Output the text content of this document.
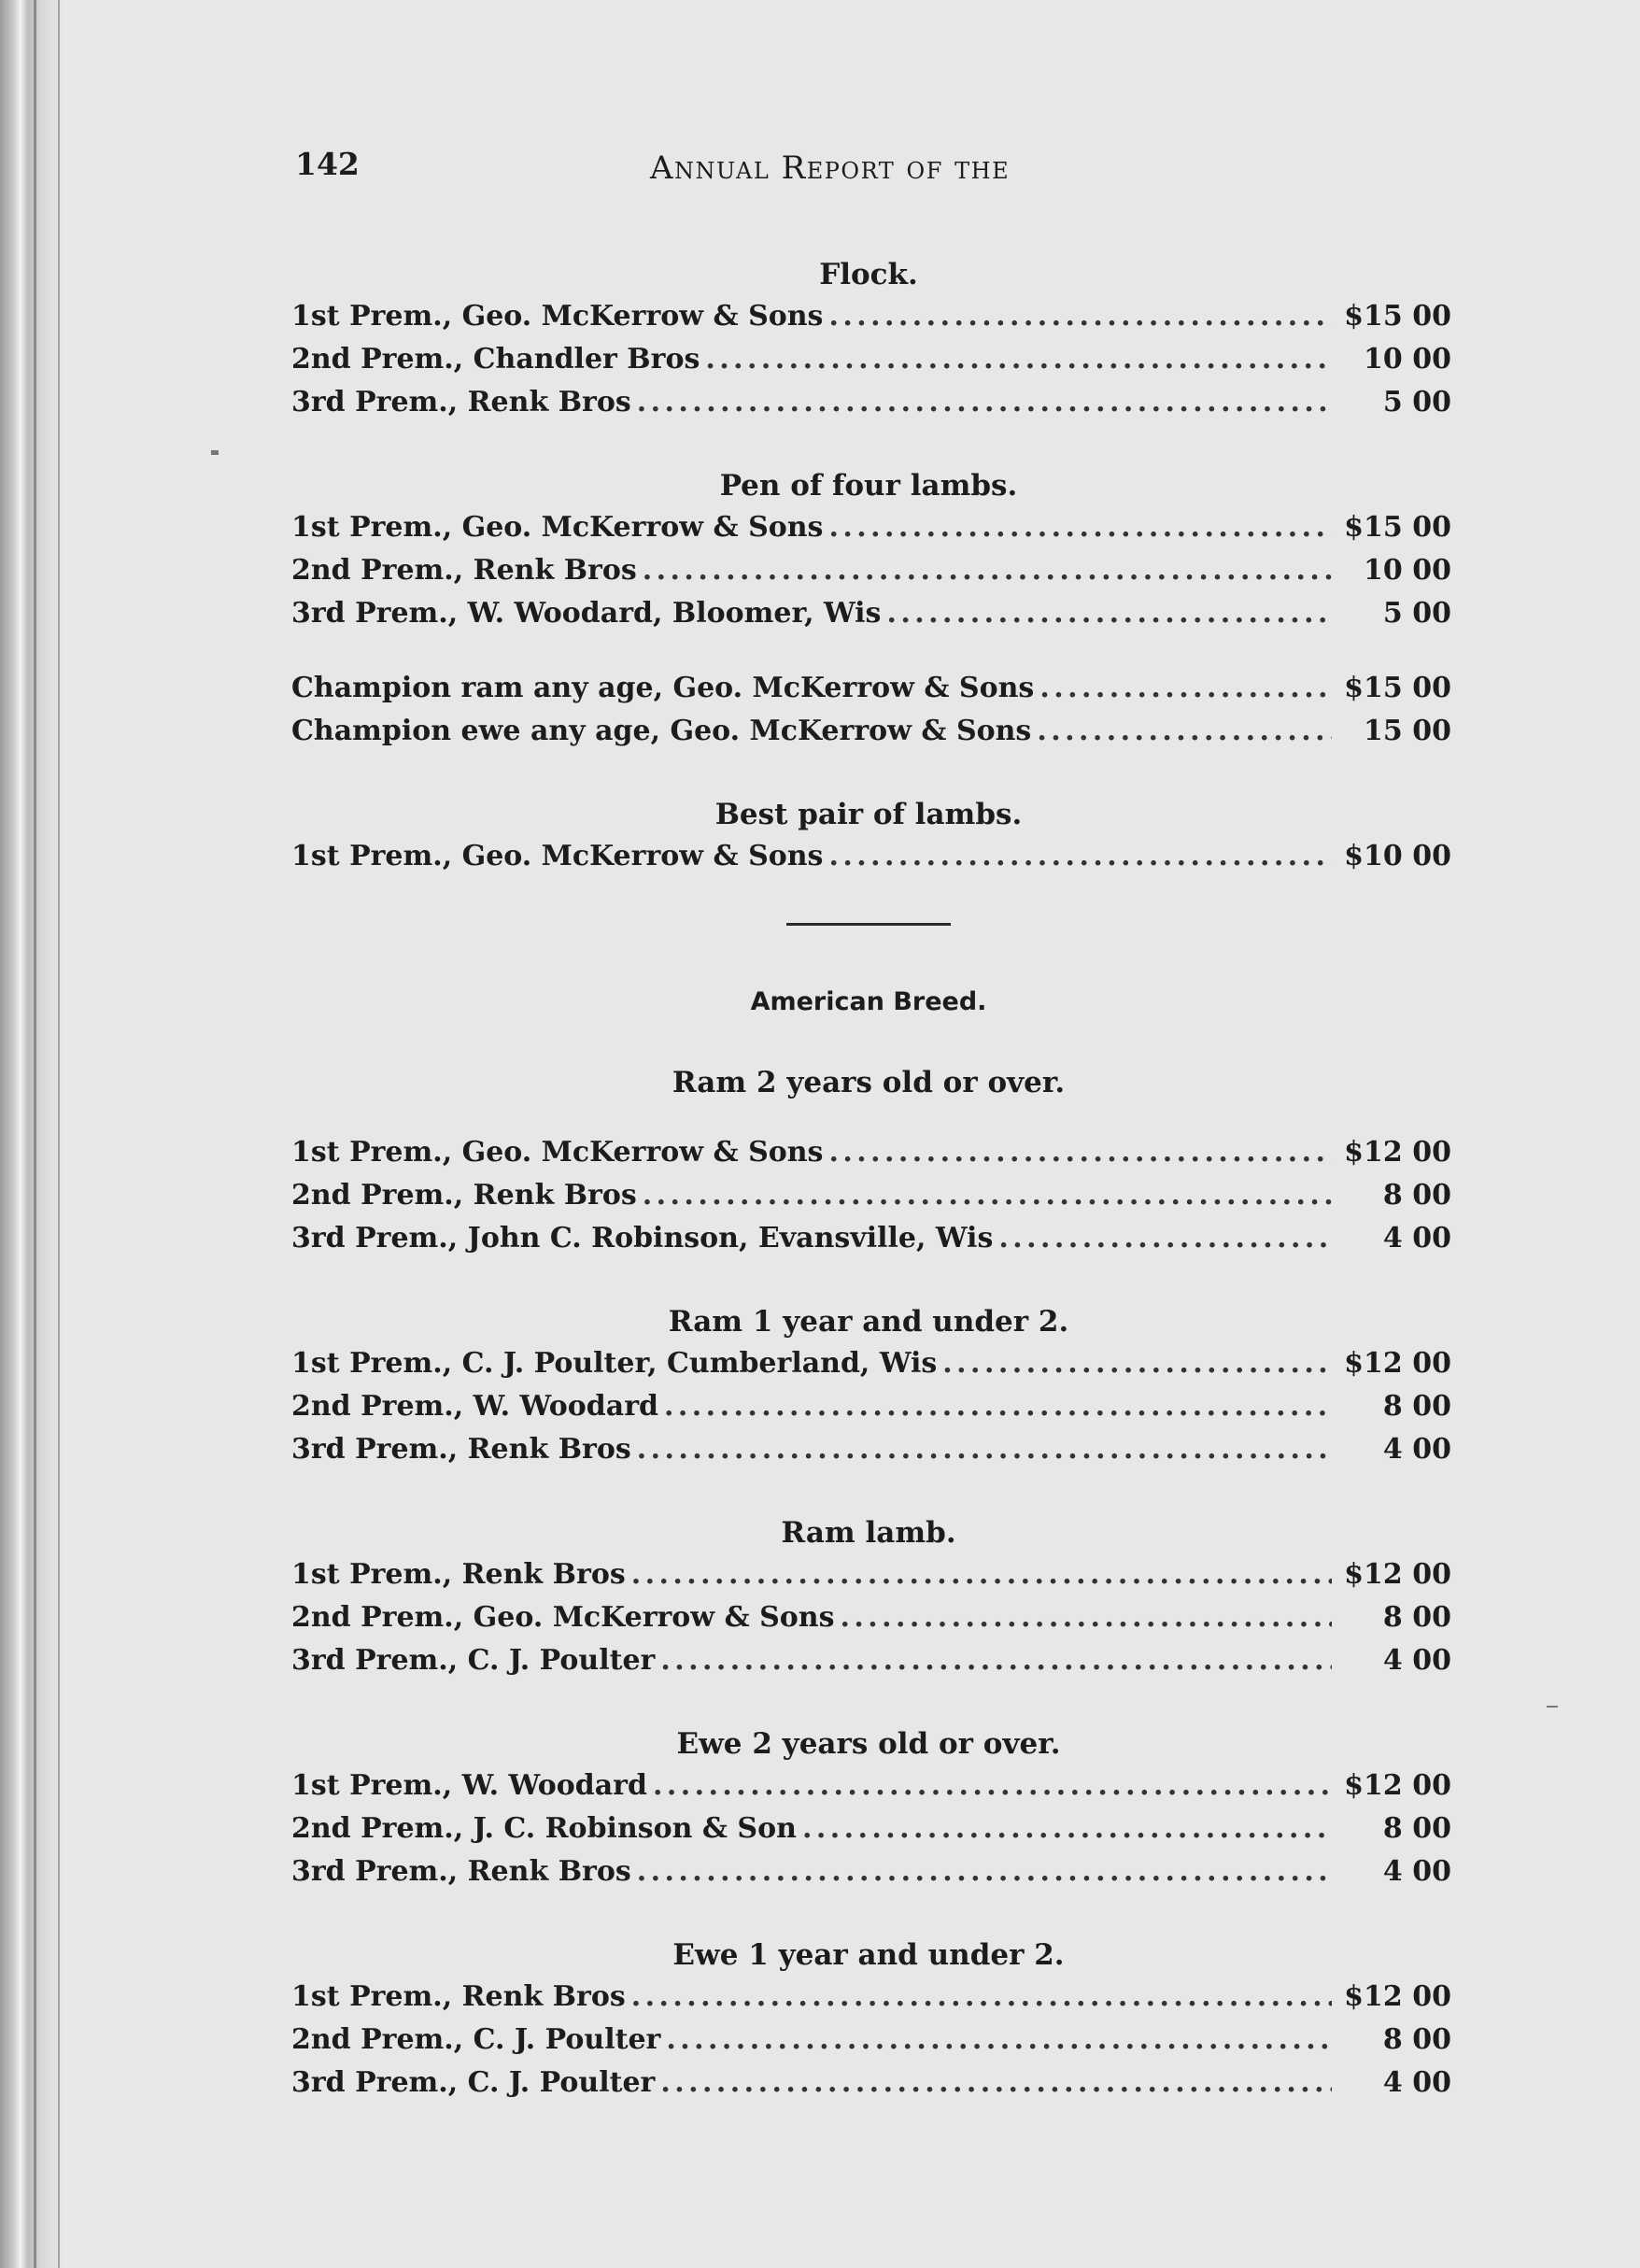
142	Annual Report of the
Flock.
1st Prem., Geo. McKerrow & Sons . . .	$15 00
2nd Prem., Chandler Bros . . .	10 00
3rd Prem., Renk Bros . . .	5 00
Pen of four lambs.
1st Prem., Geo. McKerrow & Sons . . .	$15 00
2nd Prem., Renk Bros . . .	10 00
3rd Prem., W. Woodard, Bloomer, Wis . . .	5 00
Champion ram any age, Geo. McKerrow & Sons . . .	$15 00
Champion ewe any age, Geo. McKerrow & Sons . . .	15 00
Best pair of lambs.
1st Prem., Geo. McKerrow & Sons . . .	$10 00
American Breed.
Ram 2 years old or over.
1st Prem., Geo. McKerrow & Sons . . .	$12 00
2nd Prem., Renk Bros . . .	8 00
3rd Prem., John C. Robinson, Evansville, Wis . . .	4 00
Ram 1 year and under 2.
1st Prem., C. J. Poulter, Cumberland, Wis . . .	$12 00
2nd Prem., W. Woodard . . .	8 00
3rd Prem., Renk Bros . . .	4 00
Ram lamb.
1st Prem., Renk Bros . . .	$12 00
2nd Prem., Geo. McKerrow & Sons . . .	8 00
3rd Prem., C. J. Poulter . . .	4 00
Ewe 2 years old or over.
1st Prem., W. Woodard . . .	$12 00
2nd Prem., J. C. Robinson & Son . . .	8 00
3rd Prem., Renk Bros . . .	4 00
Ewe 1 year and under 2.
1st Prem., Renk Bros . . .	$12 00
2nd Prem., C. J. Poulter . . .	8 00
3rd Prem., C. J. Poulter . . .	4 00
